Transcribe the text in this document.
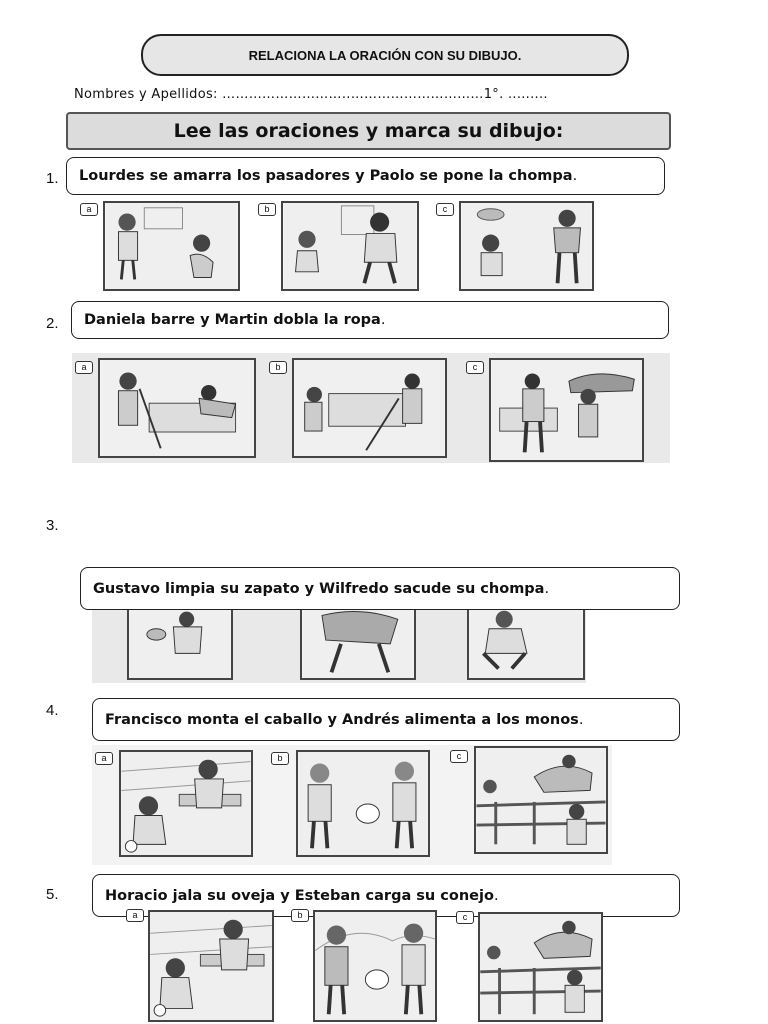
RELACIONA LA ORACIÓN CON SU DIBUJO.
Nombres y Apellidos: ………………………..…………………………1°. .........
Lee las oraciones y marca su dibujo:
1. Lourdes se amarra los pasadores y Paolo se pone la chompa .
a	b	c
2. Daniela barre y Martin dobla la ropa .
a	b	c
3.
Gustavo limpia su zapato y Wilfredo sacude su chompa .
4.
Francisco monta el caballo y Andrés alimenta a los monos .
a	b	c
5.	Horacio jala su oveja y Esteban carga su conejo .
a	b	c
